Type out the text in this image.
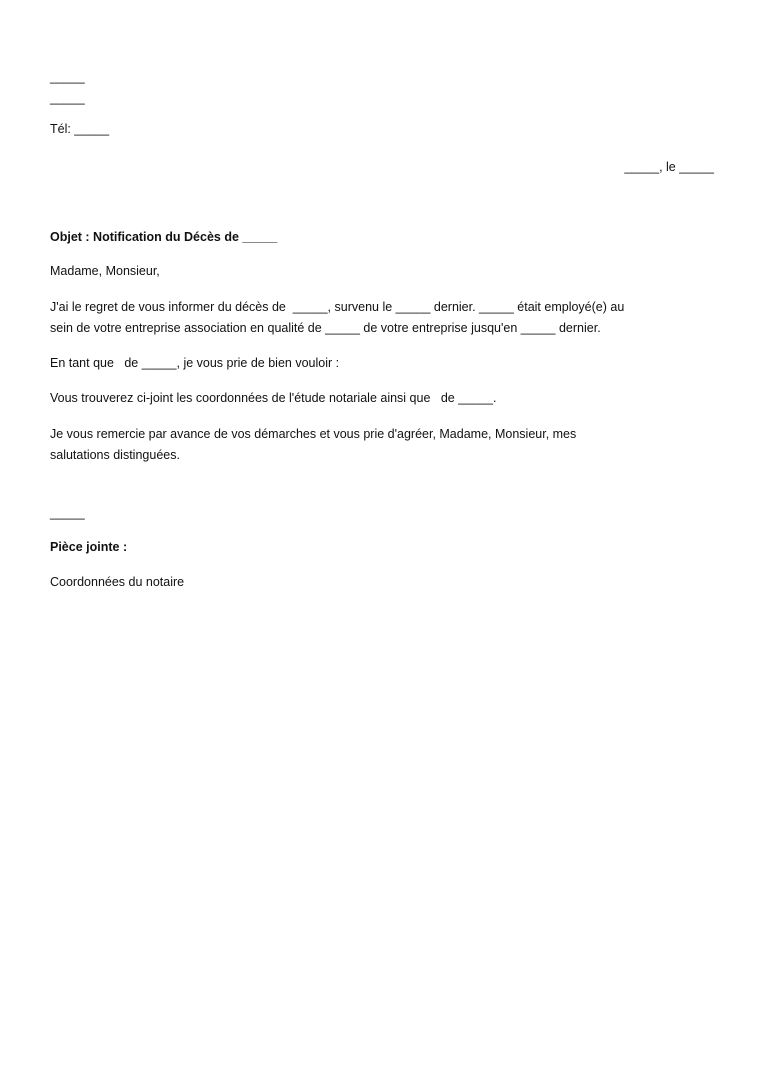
_____
_____
Tél: _____
_____, le _____
Objet : Notification du Décès de _____
Madame, Monsieur,
J'ai le regret de vous informer du décès de  _____, survenu le _____ dernier. _____ était employé(e) au
sein de votre entreprise association en qualité de _____ de votre entreprise jusqu'en _____ dernier.
En tant que   de _____, je vous prie de bien vouloir :
Vous trouverez ci-joint les coordonnées de l'étude notariale ainsi que   de _____.
Je vous remercie par avance de vos démarches et vous prie d'agréer, Madame, Monsieur, mes
salutations distinguées.
_____
Pièce jointe :
Coordonnées du notaire
